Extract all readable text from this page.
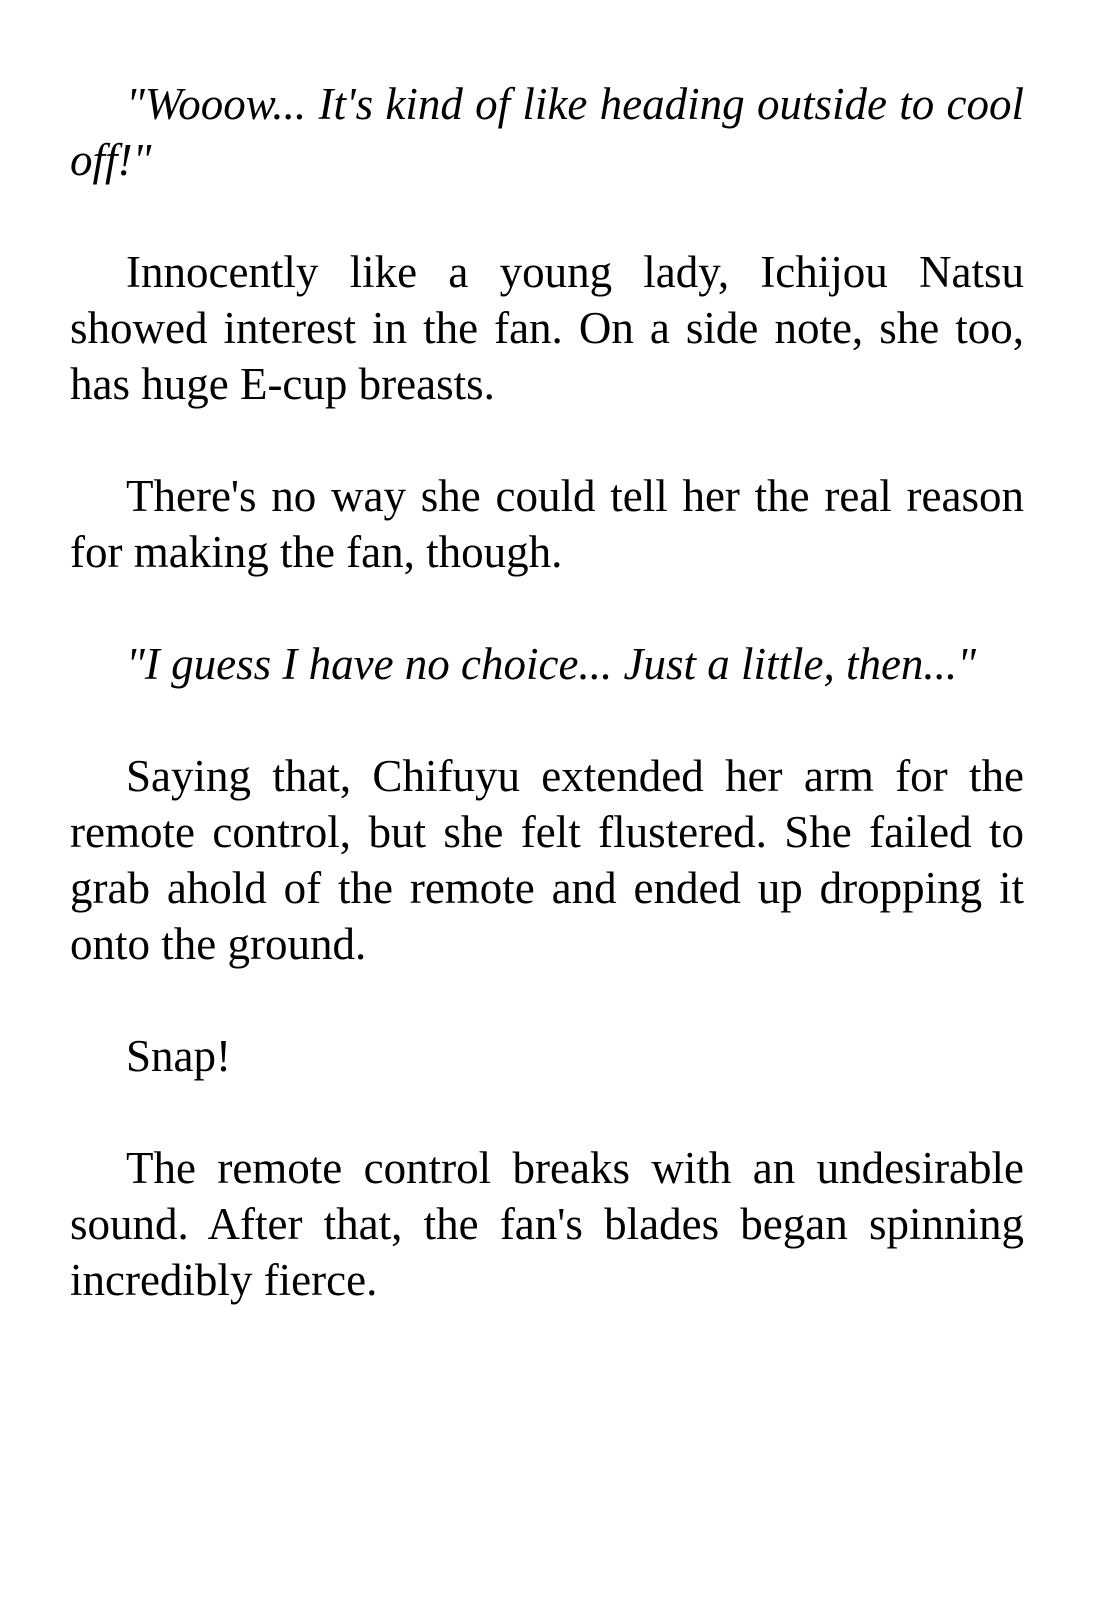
"Wooow... It's kind of like heading outside to cool off!"

Innocently like a young lady, Ichijou Natsu showed interest in the fan. On a side note, she too, has huge E-cup breasts.

There's no way she could tell her the real reason for making the fan, though.

"I guess I have no choice... Just a little, then..."

Saying that, Chifuyu extended her arm for the remote control, but she felt flustered. She failed to grab ahold of the remote and ended up dropping it onto the ground.

Snap!

The remote control breaks with an undesirable sound. After that, the fan's blades began spinning incredibly fierce.
